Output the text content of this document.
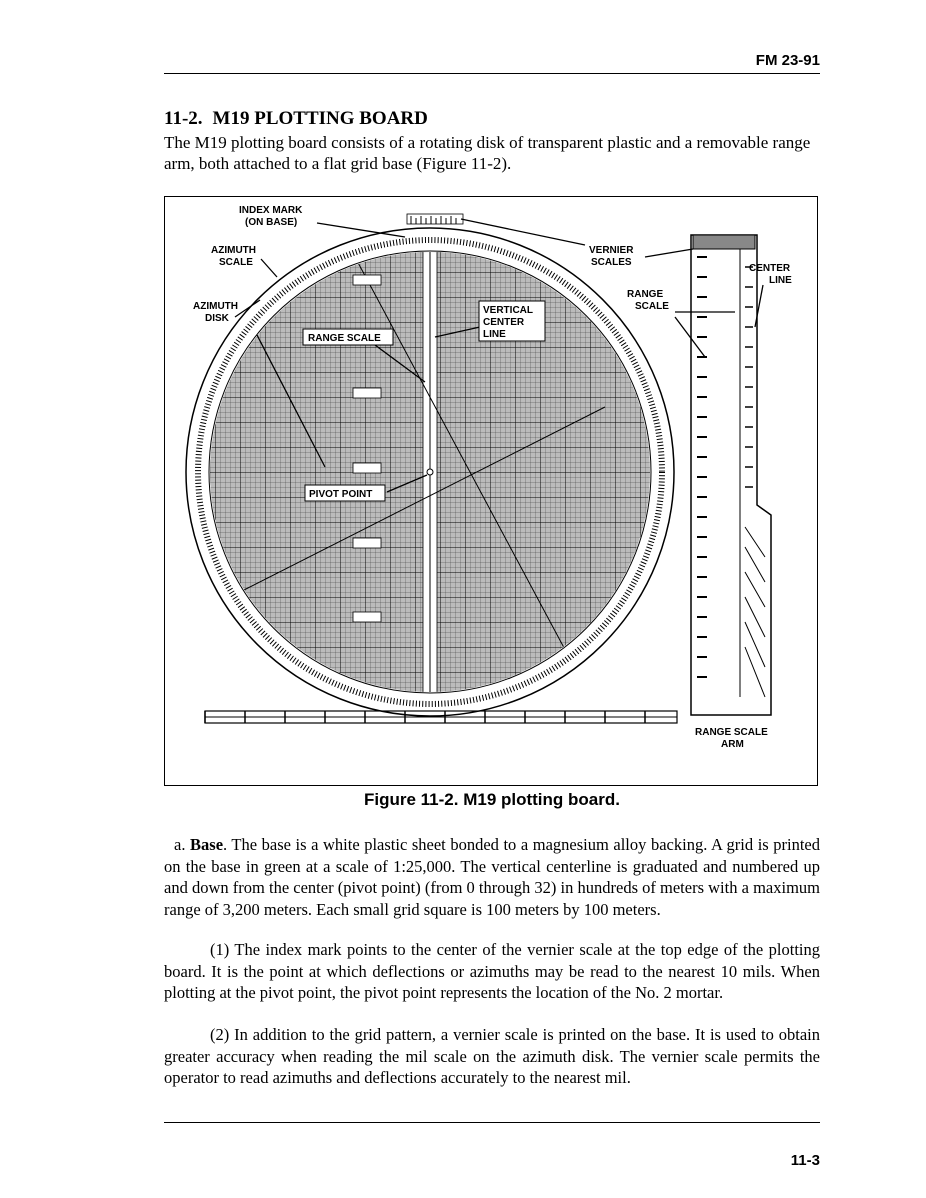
FM 23-91
11-2. M19 PLOTTING BOARD
The M19 plotting board consists of a rotating disk of transparent plastic and a removable range arm, both attached to a flat grid base (Figure 11-2).
INDEX MARK
(ON BASE)
AZIMUTH
SCALE
AZIMUTH
DISK
VERNIER
SCALES
RANGE
SCALE
CENTER
LINE
VERTICAL
CENTER
LINE
RANGE SCALE
PIVOT POINT
RANGE SCALE
ARM
Figure 11-2. M19 plotting board.
a. Base. The base is a white plastic sheet bonded to a magnesium alloy backing. A grid is printed on the base in green at a scale of 1:25,000. The vertical centerline is graduated and numbered up and down from the center (pivot point) (from 0 through 32) in hundreds of meters with a maximum range of 3,200 meters. Each small grid square is 100 meters by 100 meters.
(1) The index mark points to the center of the vernier scale at the top edge of the plotting board. It is the point at which deflections or azimuths may be read to the nearest 10 mils. When plotting at the pivot point, the pivot point represents the location of the No. 2 mortar.
(2) In addition to the grid pattern, a vernier scale is printed on the base. It is used to obtain greater accuracy when reading the mil scale on the azimuth disk. The vernier scale permits the operator to read azimuths and deflections accurately to the nearest mil.
11-3
